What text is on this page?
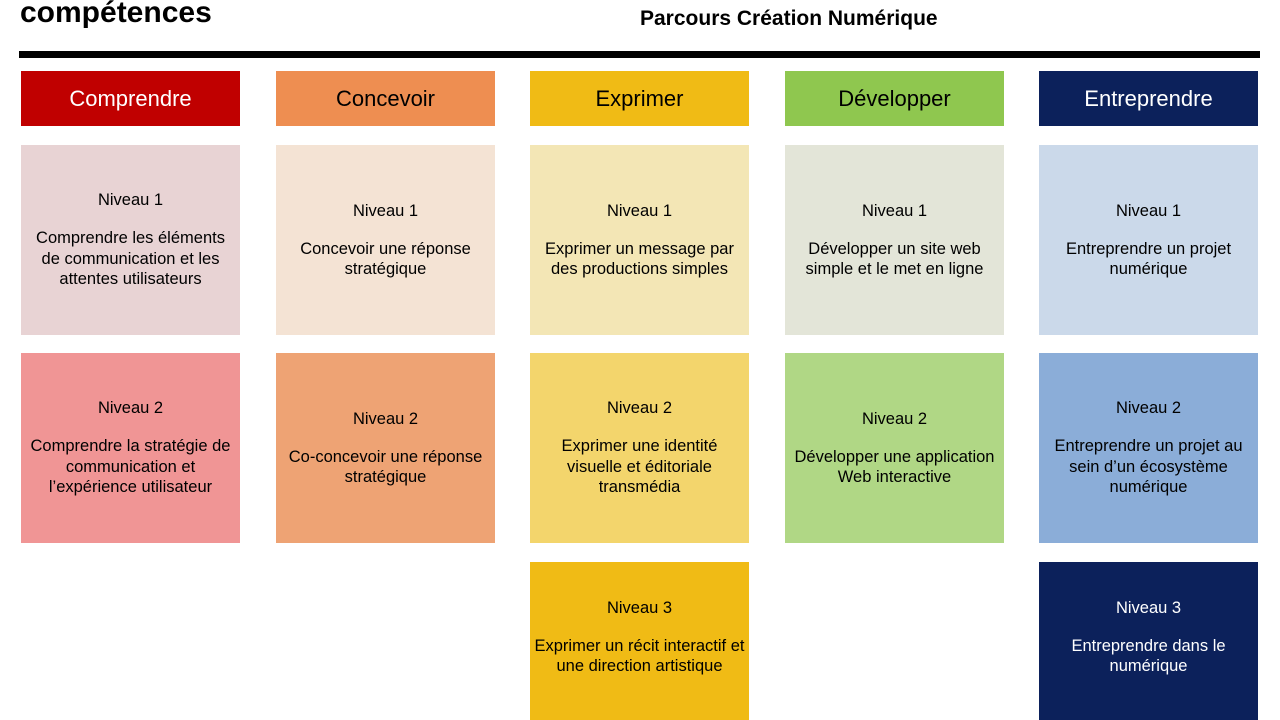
compétences	Parcours Création Numérique
Comprendre
Niveau 1
Comprendre les éléments de communication et les attentes utilisateurs
Niveau 2
Comprendre la stratégie de communication et l’expérience utilisateur
Concevoir
Niveau 1
Concevoir une réponse stratégique
Niveau 2
Co-concevoir une réponse stratégique
Exprimer
Niveau 1
Exprimer un message par des productions simples
Niveau 2
Exprimer une identité visuelle et éditoriale transmédia
Niveau 3
Exprimer un récit interactif et une direction artistique
Développer
Niveau 1
Développer un site web simple et le met en ligne
Niveau 2
Développer une application Web interactive
Entreprendre
Niveau 1
Entreprendre un projet numérique
Niveau 2
Entreprendre un projet au sein d’un écosystème numérique
Niveau 3
Entreprendre dans le numérique
